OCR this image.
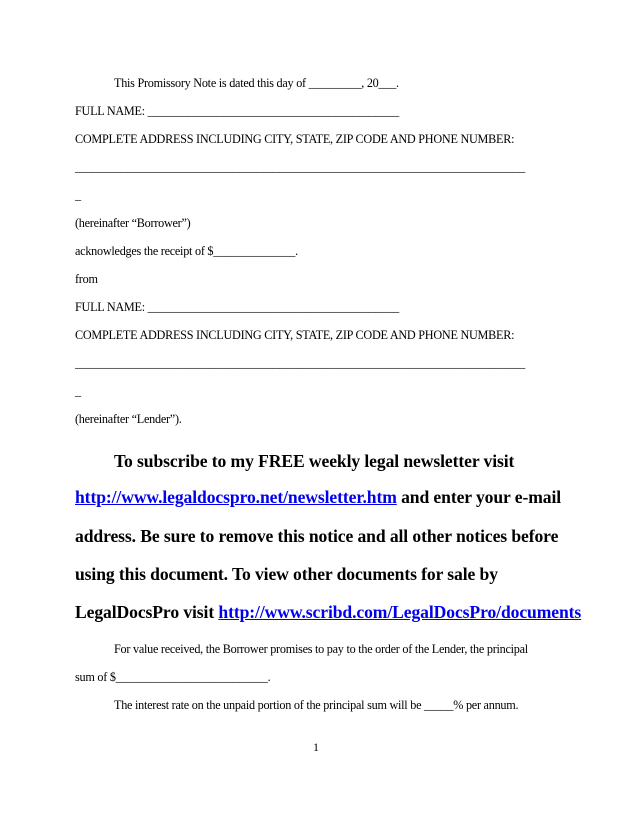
This Promissory Note is dated this day of _________, 20___.

FULL NAME: ___________________________________________

COMPLETE ADDRESS INCLUDING CITY, STATE, ZIP CODE AND PHONE NUMBER:

_____________________________________________________________________________

_

(hereinafter “Borrower”)

acknowledges the receipt of $______________.

from

FULL NAME: ___________________________________________

COMPLETE ADDRESS INCLUDING CITY, STATE, ZIP CODE AND PHONE NUMBER:

_____________________________________________________________________________

_

(hereinafter “Lender”).

To subscribe to my FREE weekly legal newsletter visit

http://www.legaldocspro.net/newsletter.htm and enter your e-mail

address. Be sure to remove this notice and all other notices before

using this document. To view other documents for sale by

LegalDocsPro visit http://www.scribd.com/LegalDocsPro/documents

For value received, the Borrower promises to pay to the order of the Lender, the principal

sum of $__________________________.

The interest rate on the unpaid portion of the principal sum will be _____% per annum.

1
